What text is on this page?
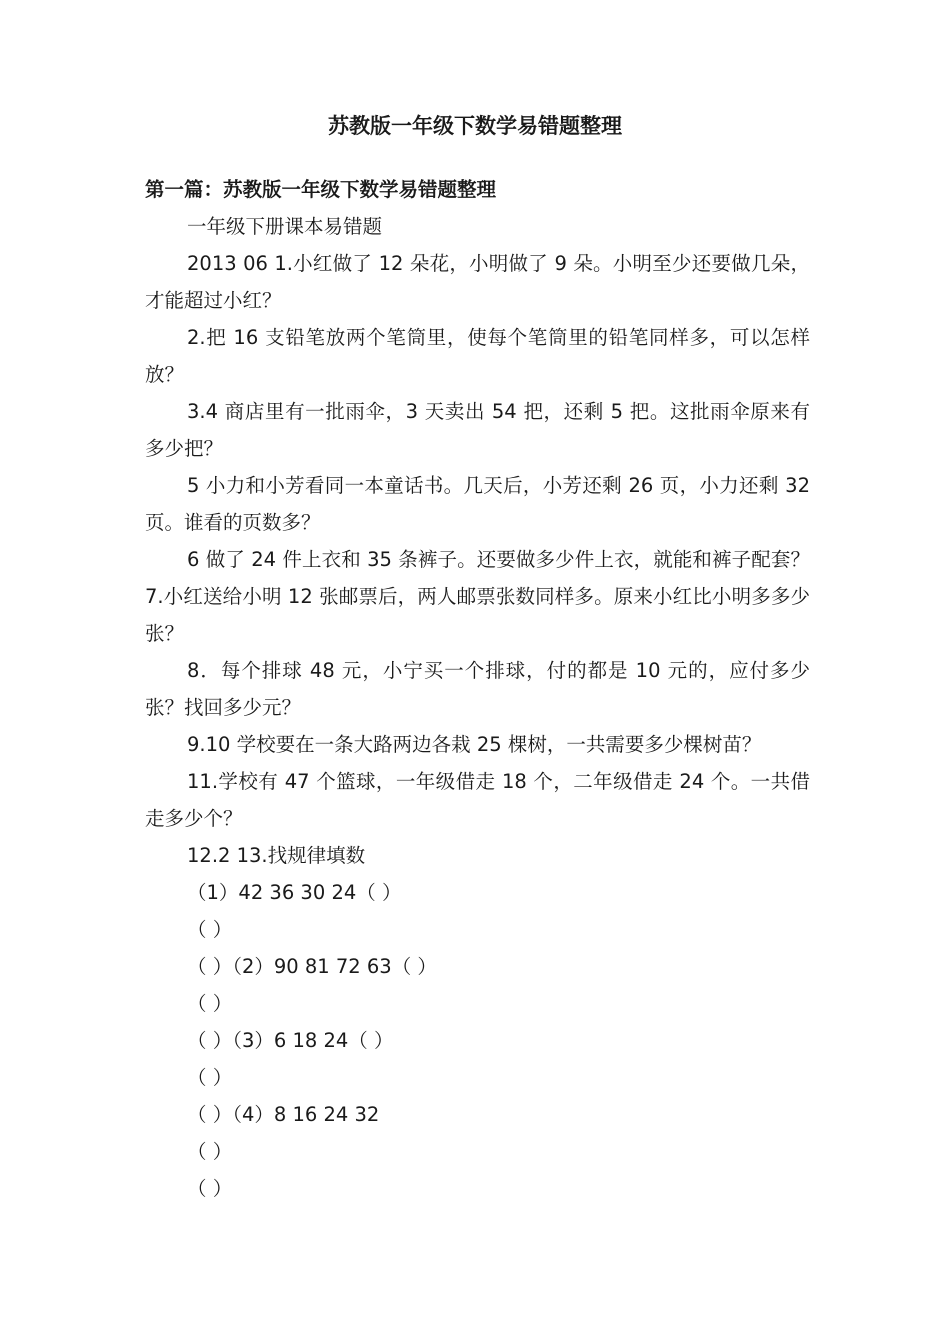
苏教版一年级下数学易错题整理

第一篇：苏教版一年级下数学易错题整理

一年级下册课本易错题

2013 06 1.小红做了 12 朵花，小明做了 9 朵。小明至少还要做几朵，才能超过小红？

2.把 16 支铅笔放两个笔筒里，使每个笔筒里的铅笔同样多，可以怎样放？

3.4 商店里有一批雨伞，3 天卖出 54 把，还剩 5 把。这批雨伞原来有多少把？

5 小力和小芳看同一本童话书。几天后，小芳还剩 26 页，小力还剩 32 页。谁看的页数多？

6 做了 24 件上衣和 35 条裤子。还要做多少件上衣，就能和裤子配套？ 7.小红送给小明 12 张邮票后，两人邮票张数同样多。原来小红比小明多多少张？

8．每个排球 48 元，小宁买一个排球，付的都是 10 元的，应付多少张？找回多少元？

9.10 学校要在一条大路两边各栽 25 棵树，一共需要多少棵树苗？

11.学校有 47 个篮球，一年级借走 18 个，二年级借走 24 个。一共借走多少个？

12.2 13.找规律填数

（1）42 36 30 24（ ）

（ ）

（ ）（2）90 81 72 63（ ）

（ ）

（ ）（3）6 18 24（ ）

（ ）

（ ）（4）8 16 24 32

（ ）

（ ）
